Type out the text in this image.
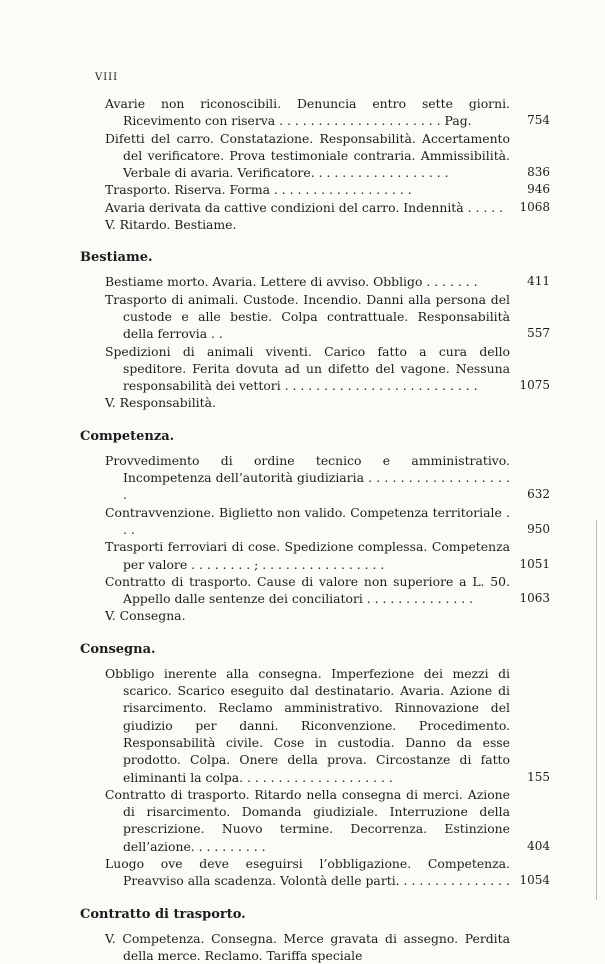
VIII
Avarie non riconoscibili. Denuncia entro sette giorni. Ricevimento con riserva . . . . . . . . . . . . . . . . . . . . . Pag.	754
Difetti del carro. Constatazione. Responsabilità. Accertamento del verificatore. Prova testimoniale contraria. Ammissibilità. Verbale di avaria. Verificatore. . . . . . . . . . . . . . . . . .	836
Trasporto. Riserva. Forma . . . . . . . . . . . . . . . . . .	946
Avaria derivata da cattive condizioni del carro. Indennità . . . . .	1068
V. Ritardo. Bestiame.
Bestiame.
Bestiame morto. Avaria. Lettere di avviso. Obbligo . . . . . . .	411
Trasporto di animali. Custode. Incendio. Danni alla persona del custode e alle bestie. Colpa contrattuale. Responsabilità della ferrovia . .	557
Spedizioni di animali viventi. Carico fatto a cura dello speditore. Ferita dovuta ad un difetto del vagone. Nessuna responsabilità dei vettori . . . . . . . . . . . . . . . . . . . . . . . . .	1075
V. Responsabilità.
Competenza.
Provvedimento di ordine tecnico e amministrativo. Incompetenza dell’autorità giudiziaria . . . . . . . . . . . . . . . . . . .	632
Contravvenzione. Biglietto non valido. Competenza territoriale . . .	950
Trasporti ferroviari di cose. Spedizione complessa. Competenza per valore . . . . . . . . ; . . . . . . . . . . . . . . . .	1051
Contratto di trasporto. Cause di valore non superiore a L. 50. Appello dalle sentenze dei conciliatori . . . . . . . . . . . . . .	1063
V. Consegna.
Consegna.
Obbligo inerente alla consegna. Imperfezione dei mezzi di scarico. Scarico eseguito dal destinatario. Avaria. Azione di risarcimento. Reclamo amministrativo. Rinnovazione del giudizio per danni. Riconvenzione. Procedimento. Responsabilità civile. Cose in custodia. Danno da esse prodotto. Colpa. Onere della prova. Circostanze di fatto eliminanti la colpa. . . . . . . . . . . . . . . . . . . .	155
Contratto di trasporto. Ritardo nella consegna di merci. Azione di risarcimento. Domanda giudiziale. Interruzione della prescrizione. Nuovo termine. Decorrenza. Estinzione dell’azione. . . . . . . . . .	404
Luogo ove deve eseguirsi l’obbligazione. Competenza. Preavviso alla scadenza. Volontà delle parti. . . . . . . . . . . . . . . 1054
Contratto di trasporto.
V. Competenza. Consegna. Merce gravata di assegno. Perdita della merce. Reclamo. Tariffa speciale
